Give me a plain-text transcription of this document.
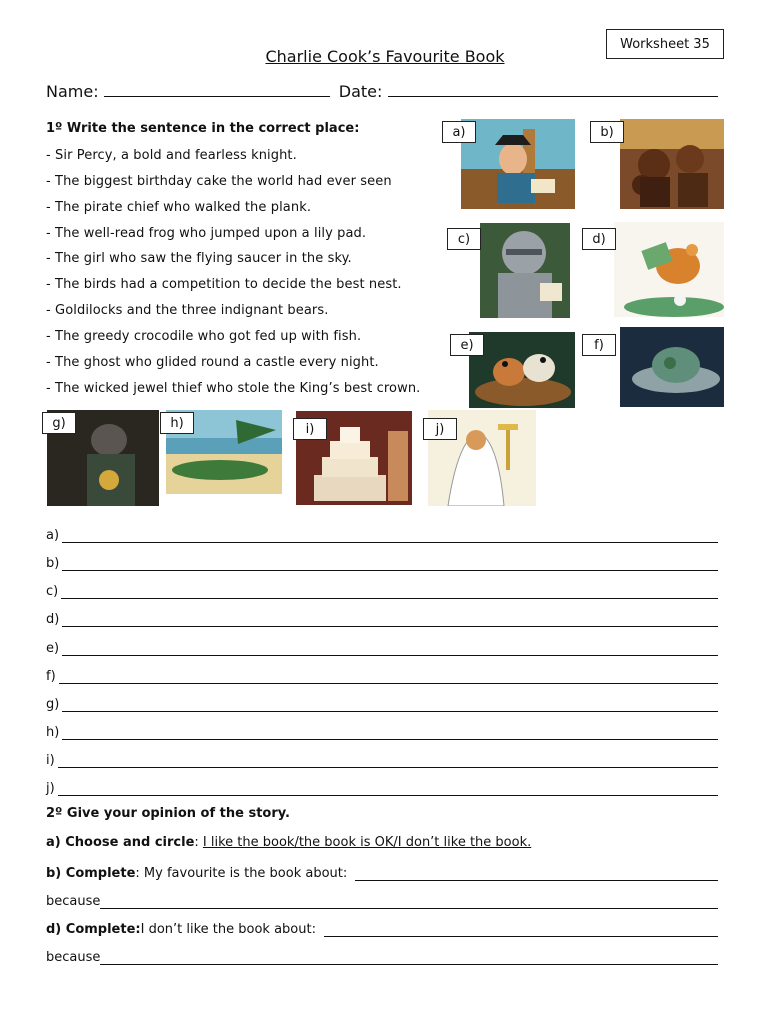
Worksheet 35
Charlie Cook’s Favourite Book
Name:	Date:
1º Write the sentence in the correct place:
- Sir Percy, a bold and fearless knight.
- The biggest birthday cake the world had ever seen
- The pirate chief who walked the plank.
- The well-read frog who jumped upon a lily pad.
- The girl who saw the flying saucer in the sky.
- The birds had a competition to decide the best nest.
- Goldilocks and the three indignant bears.
- The greedy crocodile who got fed up with fish.
- The ghost who glided round a castle every night.
- The wicked jewel thief who stole the King’s best crown.
a)	b)
c)	d)
e)	f)
g)	h)	i)	j)
a)
b)
c)
d)
e)
f)
g)
h)
i)
j)
2º Give your opinion of the story.
a) Choose and circle: I like the book/the book is OK/I don’t like the book.
b) Complete : My favourite is the book about:
because
d) Complete: I don’t like the book about:
because
